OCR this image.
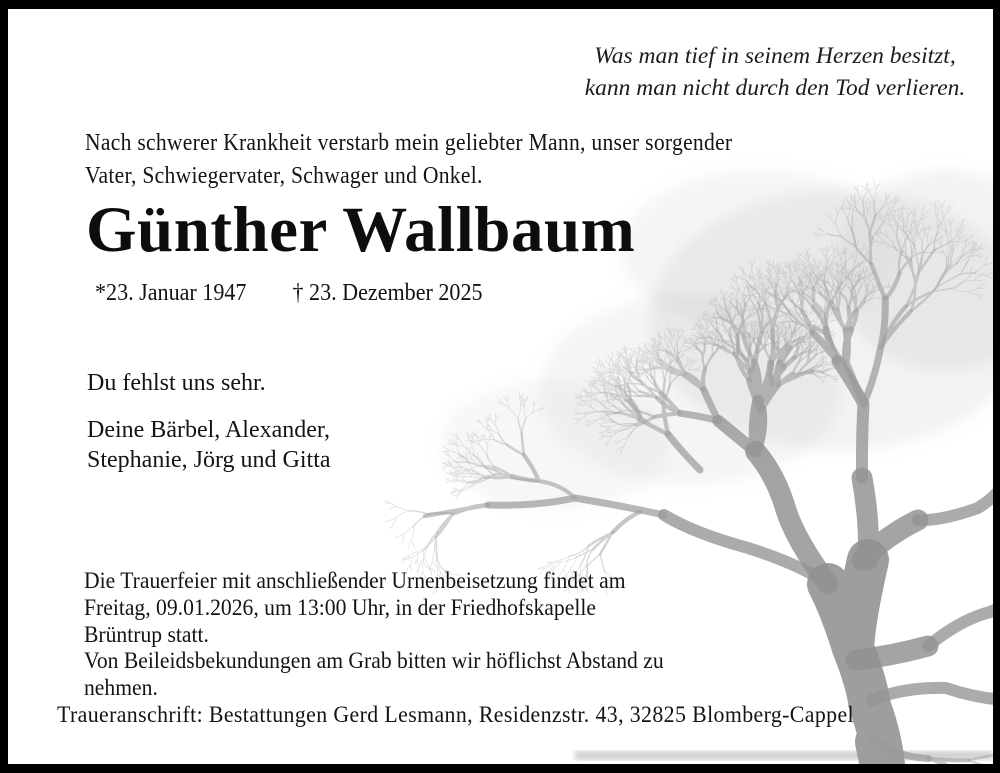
Was man tief in seinem Herzen besitzt,
kann man nicht durch den Tod verlieren.
Nach schwerer Krankheit verstarb mein geliebter Mann, unser sorgender
Vater, Schwiegervater, Schwager und Onkel.
Günther Wallbaum
*23. Januar 1947 † 23. Dezember 2025
Du fehlst uns sehr.
Deine Bärbel, Alexander,
Stephanie, Jörg und Gitta
Die Trauerfeier mit anschließender Urnenbeisetzung findet am
Freitag, 09.01.2026, um 13:00 Uhr, in der Friedhofskapelle
Brüntrup statt.
Von Beileidsbekundungen am Grab bitten wir höflichst Abstand zu
nehmen.
Traueranschrift: Bestattungen Gerd Lesmann, Residenzstr. 43, 32825 Blomberg-Cappel
